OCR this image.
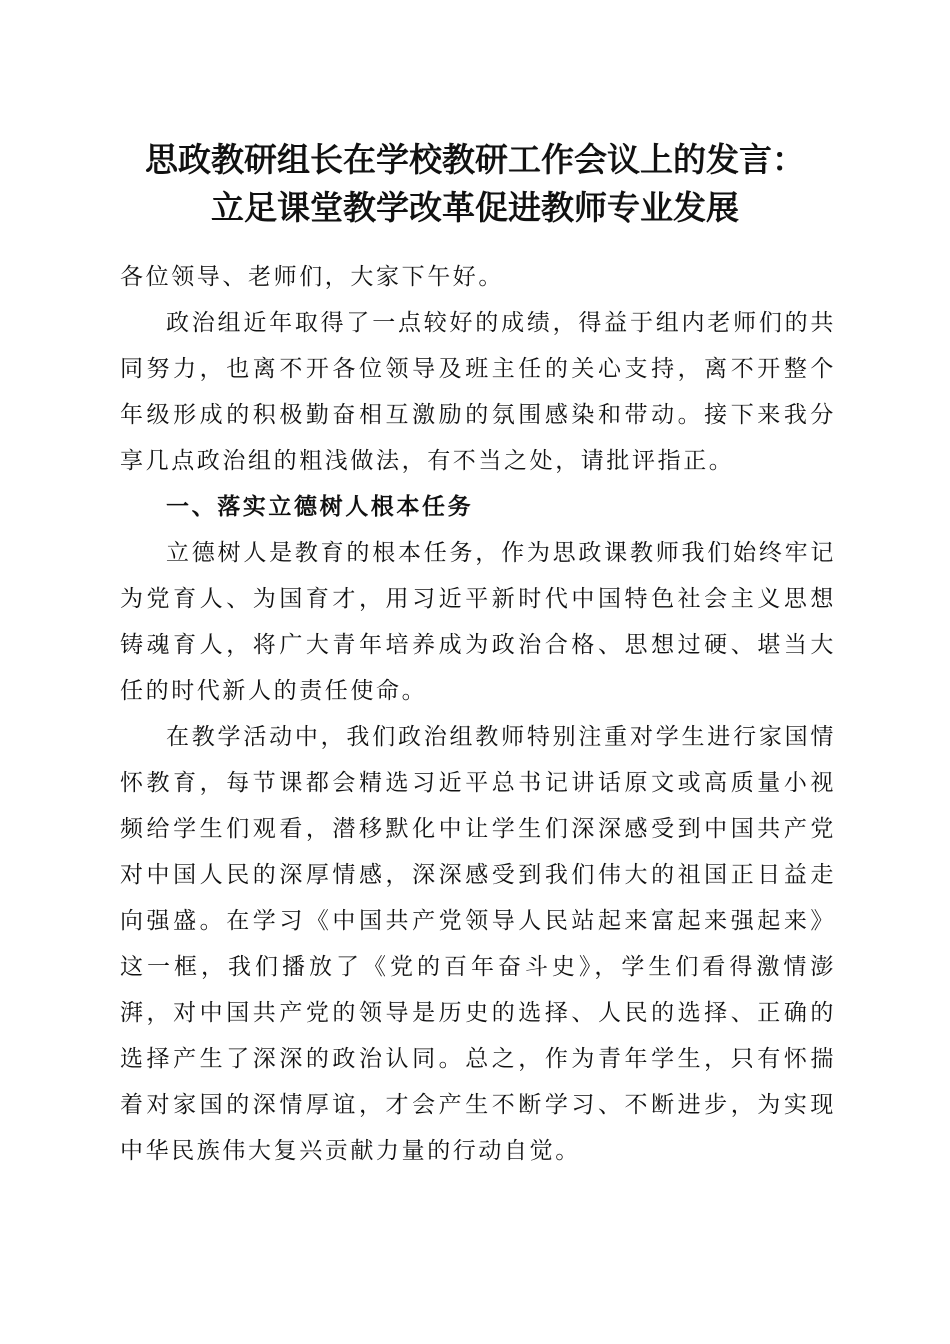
思政教研组长在学校教研工作会议上的发言：
立足课堂教学改革促进教师专业发展

各位领导、老师们，大家下午好。

政治组近年取得了一点较好的成绩，得益于组内老师们的共同努力，也离不开各位领导及班主任的关心支持，离不开整个年级形成的积极勤奋相互激励的氛围感染和带动。接下来我分享几点政治组的粗浅做法，有不当之处，请批评指正。

一、落实立德树人根本任务

立德树人是教育的根本任务，作为思政课教师我们始终牢记为党育人、为国育才，用习近平新时代中国特色社会主义思想铸魂育人，将广大青年培养成为政治合格、思想过硬、堪当大任的时代新人的责任使命。

在教学活动中，我们政治组教师特别注重对学生进行家国情怀教育，每节课都会精选习近平总书记讲话原文或高质量小视频给学生们观看，潜移默化中让学生们深深感受到中国共产党对中国人民的深厚情感，深深感受到我们伟大的祖国正日益走向强盛。在学习《中国共产党领导人民站起来富起来强起来》这一框，我们播放了《党的百年奋斗史》，学生们看得激情澎湃，对中国共产党的领导是历史的选择、人民的选择、正确的选择产生了深深的政治认同。总之，作为青年学生，只有怀揣着对家国的深情厚谊，才会产生不断学习、不断进步，为实现中华民族伟大复兴贡献力量的行动自觉。
